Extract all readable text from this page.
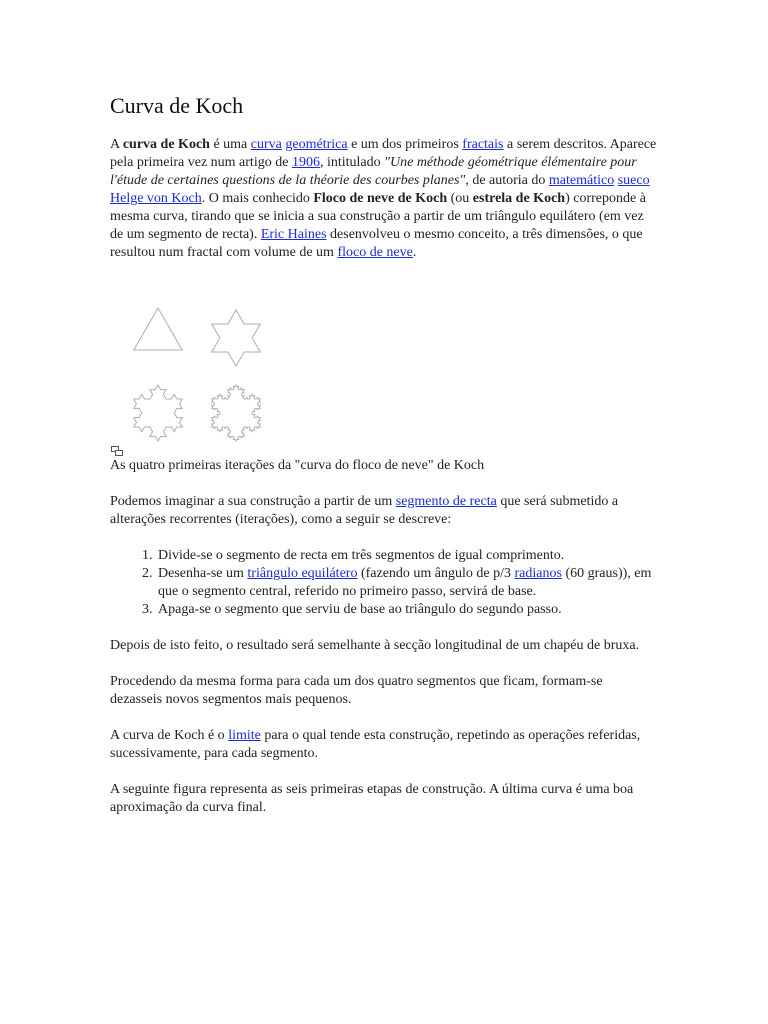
Curva de Koch

A curva de Koch é uma curva geométrica e um dos primeiros fractais a serem descritos. Aparece pela primeira vez num artigo de 1906, intitulado "Une méthode géométrique élémentaire pour l'étude de certaines questions de la théorie des courbes planes", de autoria do matemático sueco Helge von Koch. O mais conhecido Floco de neve de Koch (ou estrela de Koch) correponde à mesma curva, tirando que se inicia a sua construção a partir de um triângulo equilátero (em vez de um segmento de recta). Eric Haines desenvolveu o mesmo conceito, a três dimensões, o que resultou num fractal com volume de um floco de neve.

As quatro primeiras iterações da "curva do floco de neve" de Koch

Podemos imaginar a sua construção a partir de um segmento de recta que será submetido a alterações recorrentes (iterações), como a seguir se descreve:

1. Divide-se o segmento de recta em três segmentos de igual comprimento.
2. Desenha-se um triângulo equilátero (fazendo um ângulo de p/3 radianos (60 graus)), em que o segmento central, referido no primeiro passo, servirá de base.
3. Apaga-se o segmento que serviu de base ao triângulo do segundo passo.

Depois de isto feito, o resultado será semelhante à secção longitudinal de um chapéu de bruxa.

Procedendo da mesma forma para cada um dos quatro segmentos que ficam, formam-se dezasseis novos segmentos mais pequenos.

A curva de Koch é o limite para o qual tende esta construção, repetindo as operações referidas, sucessivamente, para cada segmento.

A seguinte figura representa as seis primeiras etapas de construção. A última curva é uma boa aproximação da curva final.
